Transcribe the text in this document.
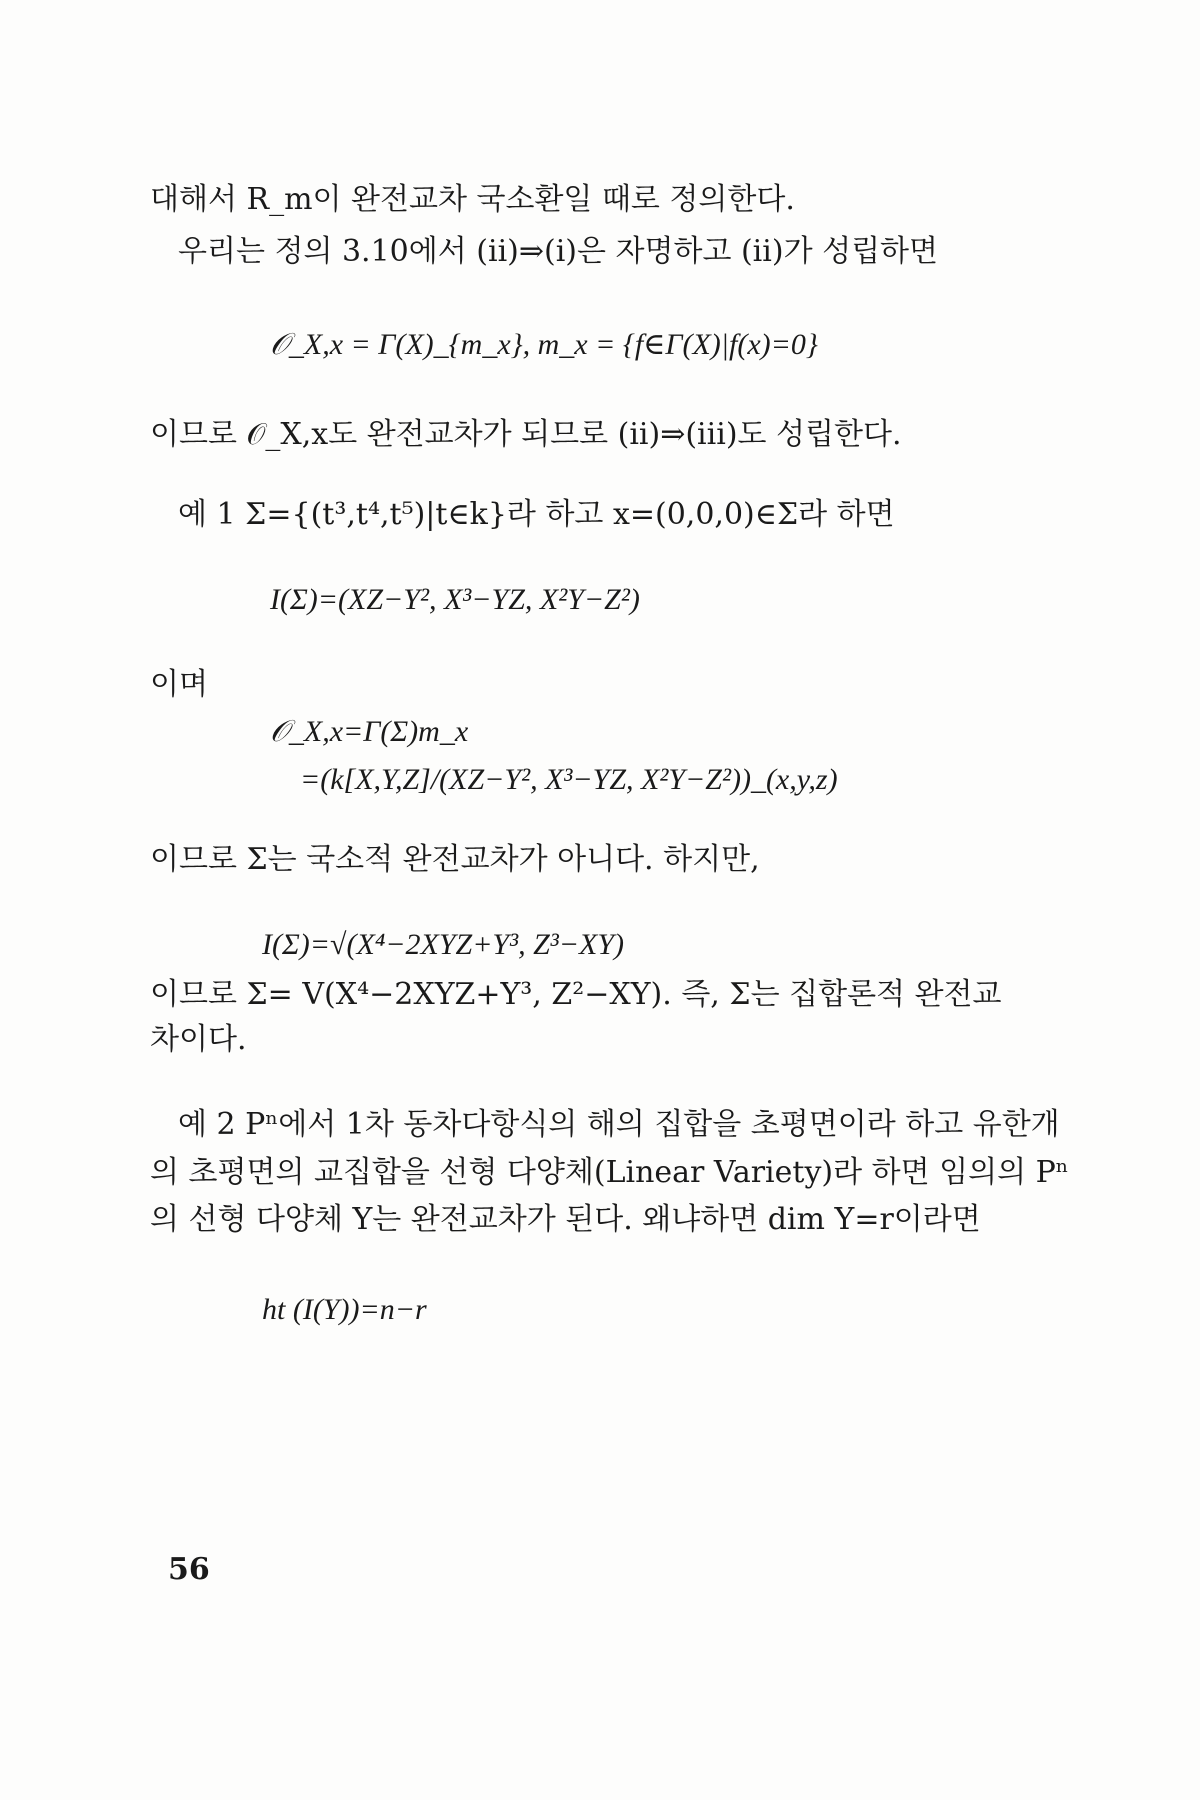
대해서 R_m이 완전교차 국소환일 때로 정의한다.
우리는 정의 3.10에서 (ii)⇒(i)은 자명하고 (ii)가 성립하면
𝒪_X,x = Γ(X)_{m_x}, m_x = {f∈Γ(X)|f(x)=0}
이므로 𝒪_X,x도 완전교차가 되므로 (ii)⇒(iii)도 성립한다.
예 1 Σ={(t³,t⁴,t⁵)|t∈k}라 하고 x=(0,0,0)∈Σ라 하면
I(Σ)=(XZ−Y², X³−YZ, X²Y−Z²)
이며
𝒪_X,x=Γ(Σ)m_x
=(k[X,Y,Z]/(XZ−Y², X³−YZ, X²Y−Z²))_(x,y,z)
이므로 Σ는 국소적 완전교차가 아니다. 하지만,
I(Σ)=√(X⁴−2XYZ+Y³, Z³−XY)
이므로 Σ= V(X⁴−2XYZ+Y³, Z²−XY). 즉, Σ는 집합론적 완전교
차이다.
예 2 Pⁿ에서 1차 동차다항식의 해의 집합을 초평면이라 하고 유한개
의 초평면의 교집합을 선형 다양체(Linear Variety)라 하면 임의의 Pⁿ
의 선형 다양체 Y는 완전교차가 된다. 왜냐하면 dim Y=r이라면
ht (I(Y))=n−r
56
